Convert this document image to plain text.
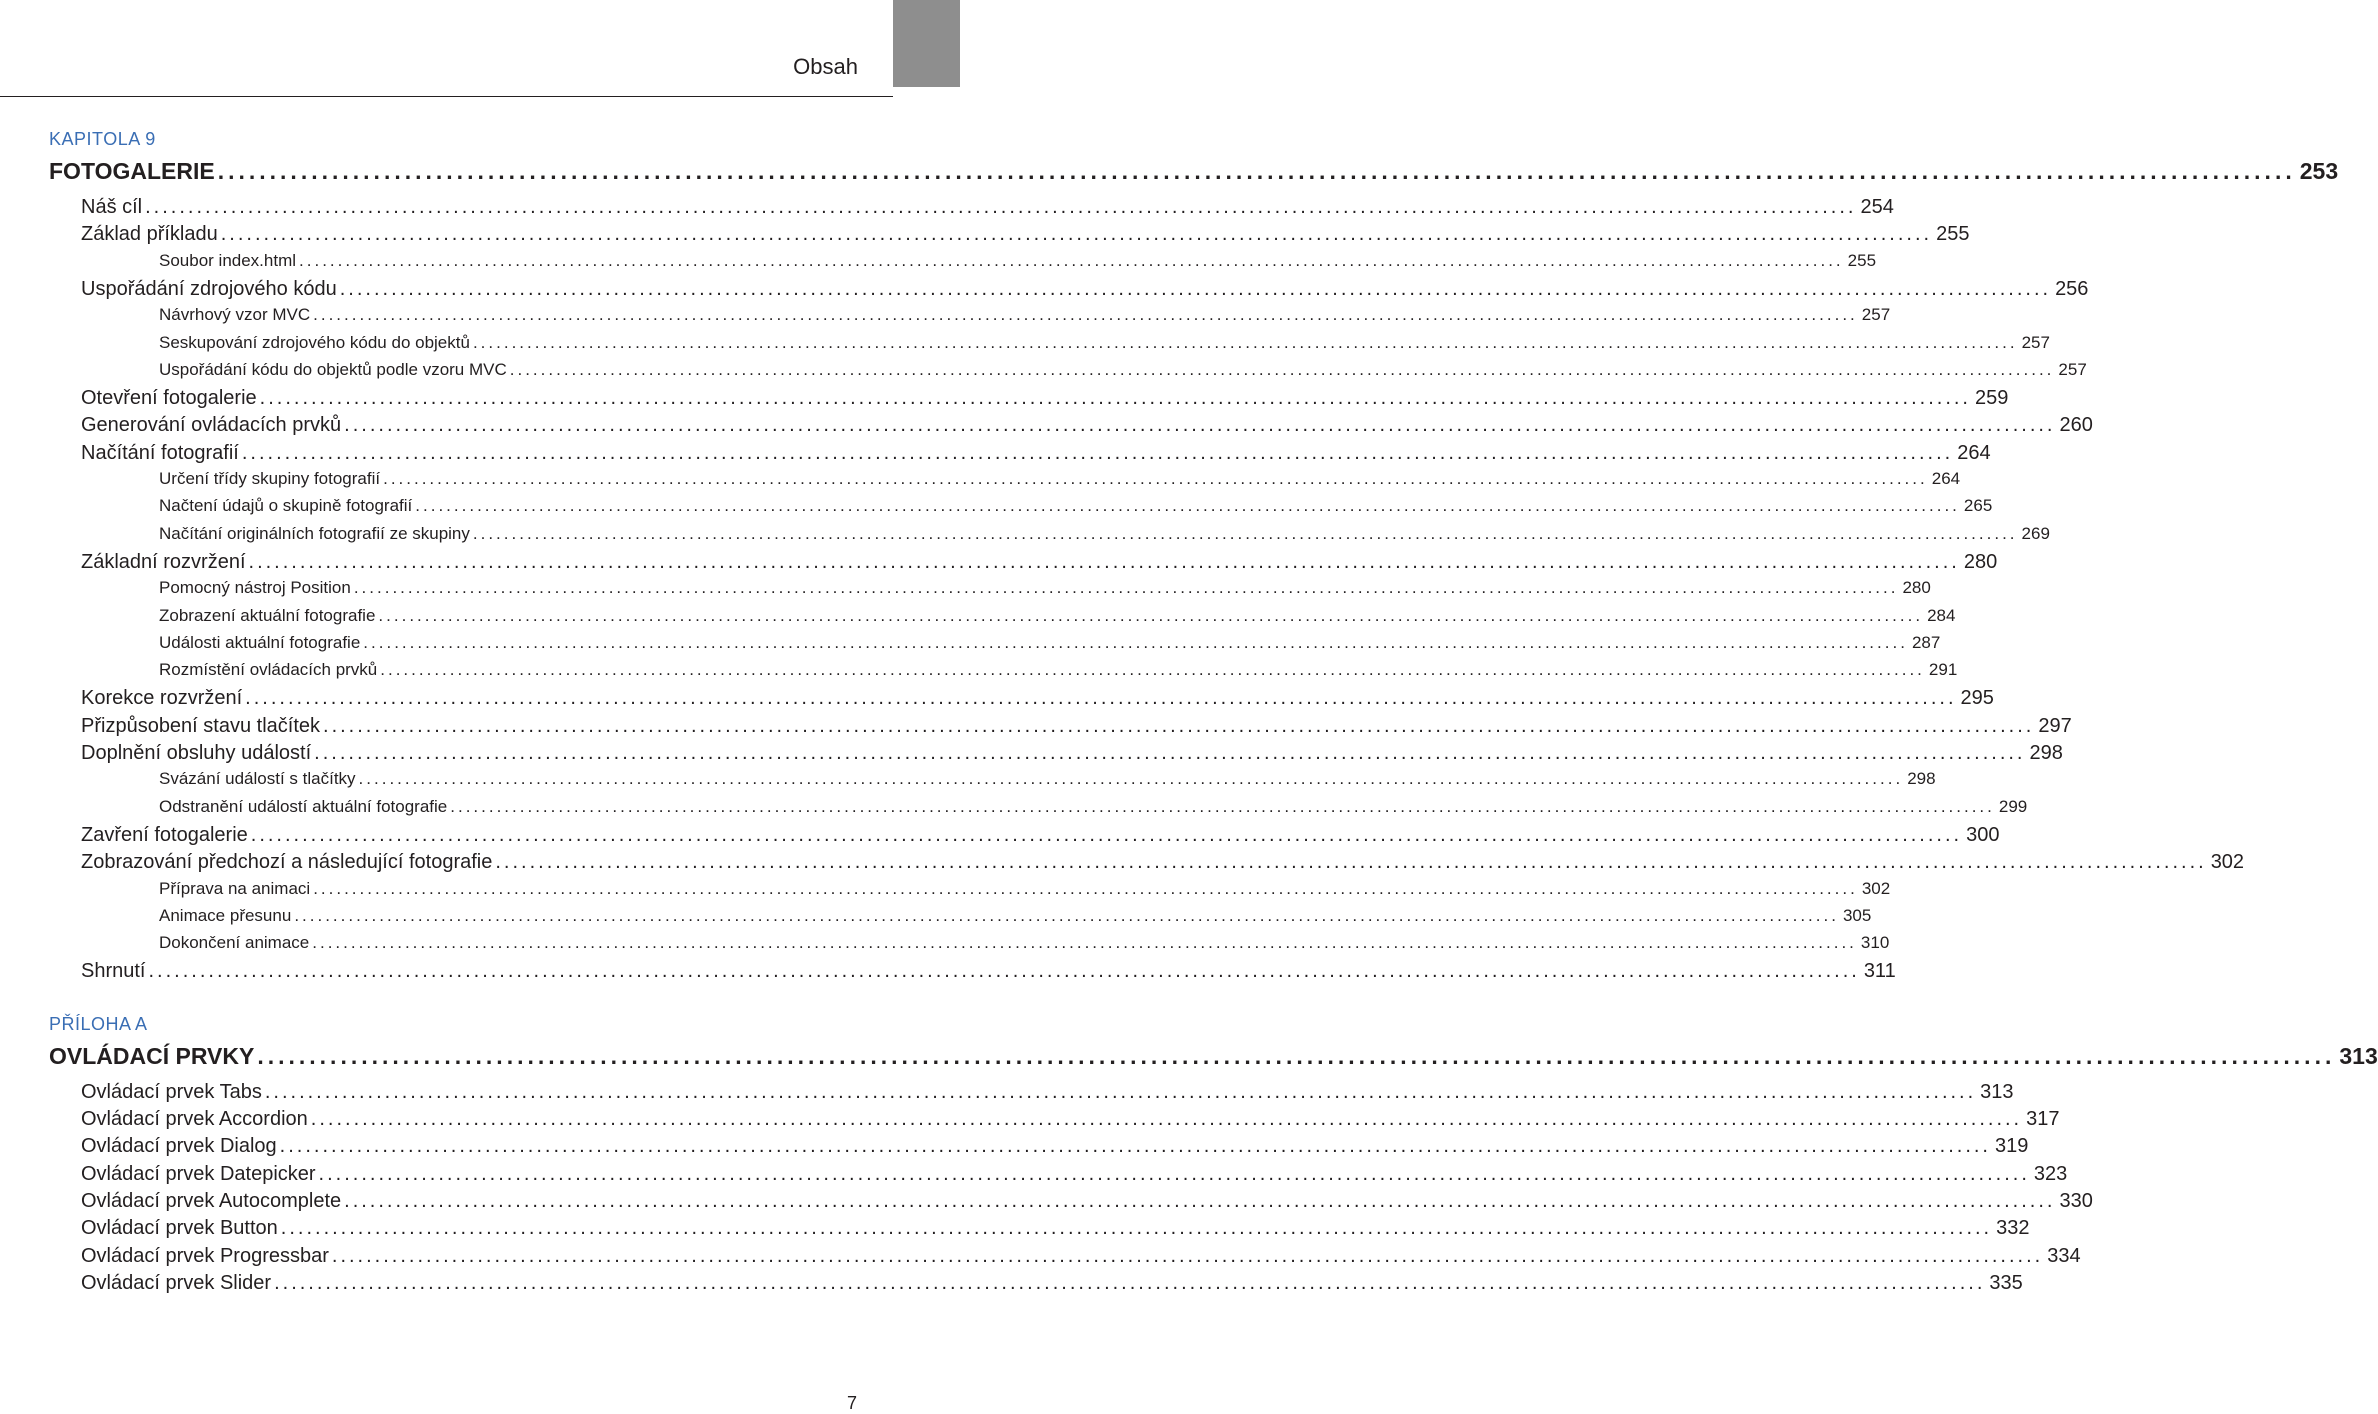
Obsah
KAPITOLA 9
FOTOGALERIE ........................................................................................................................................................................................................ 253
Náš cíl ........................................................................................................................................................................................................ 254
Základ příkladu ........................................................................................................................................................................................................ 255
Soubor index.html ........................................................................................................................................................................................................ 255
Uspořádání zdrojového kódu ........................................................................................................................................................................................................ 256
Návrhový vzor MVC ........................................................................................................................................................................................................ 257
Seskupování zdrojového kódu do objektů ........................................................................................................................................................................................................ 257
Uspořádání kódu do objektů podle vzoru MVC ........................................................................................................................................................................................................ 257
Otevření fotogalerie ........................................................................................................................................................................................................ 259
Generování ovládacích prvků ........................................................................................................................................................................................................ 260
Načítání fotografií ........................................................................................................................................................................................................ 264
Určení třídy skupiny fotografií ........................................................................................................................................................................................................ 264
Načtení údajů o skupině fotografií ........................................................................................................................................................................................................ 265
Načítání originálních fotografií ze skupiny ........................................................................................................................................................................................................ 269
Základní rozvržení ........................................................................................................................................................................................................ 280
Pomocný nástroj Position ........................................................................................................................................................................................................ 280
Zobrazení aktuální fotografie ........................................................................................................................................................................................................ 284
Události aktuální fotografie ........................................................................................................................................................................................................ 287
Rozmístění ovládacích prvků ........................................................................................................................................................................................................ 291
Korekce rozvržení ........................................................................................................................................................................................................ 295
Přizpůsobení stavu tlačítek ........................................................................................................................................................................................................ 297
Doplnění obsluhy událostí ........................................................................................................................................................................................................ 298
Svázání událostí s tlačítky ........................................................................................................................................................................................................ 298
Odstranění událostí aktuální fotografie ........................................................................................................................................................................................................ 299
Zavření fotogalerie ........................................................................................................................................................................................................ 300
Zobrazování předchozí a následující fotografie ........................................................................................................................................................................................................ 302
Příprava na animaci ........................................................................................................................................................................................................ 302
Animace přesunu ........................................................................................................................................................................................................ 305
Dokončení animace ........................................................................................................................................................................................................ 310
Shrnutí ........................................................................................................................................................................................................ 311
PŘÍLOHA A
OVLÁDACÍ PRVKY ........................................................................................................................................................................................................ 313
Ovládací prvek Tabs ........................................................................................................................................................................................................ 313
Ovládací prvek Accordion ........................................................................................................................................................................................................ 317
Ovládací prvek Dialog ........................................................................................................................................................................................................ 319
Ovládací prvek Datepicker ........................................................................................................................................................................................................ 323
Ovládací prvek Autocomplete ........................................................................................................................................................................................................ 330
Ovládací prvek Button ........................................................................................................................................................................................................ 332
Ovládací prvek Progressbar ........................................................................................................................................................................................................ 334
Ovládací prvek Slider ........................................................................................................................................................................................................ 335
7
